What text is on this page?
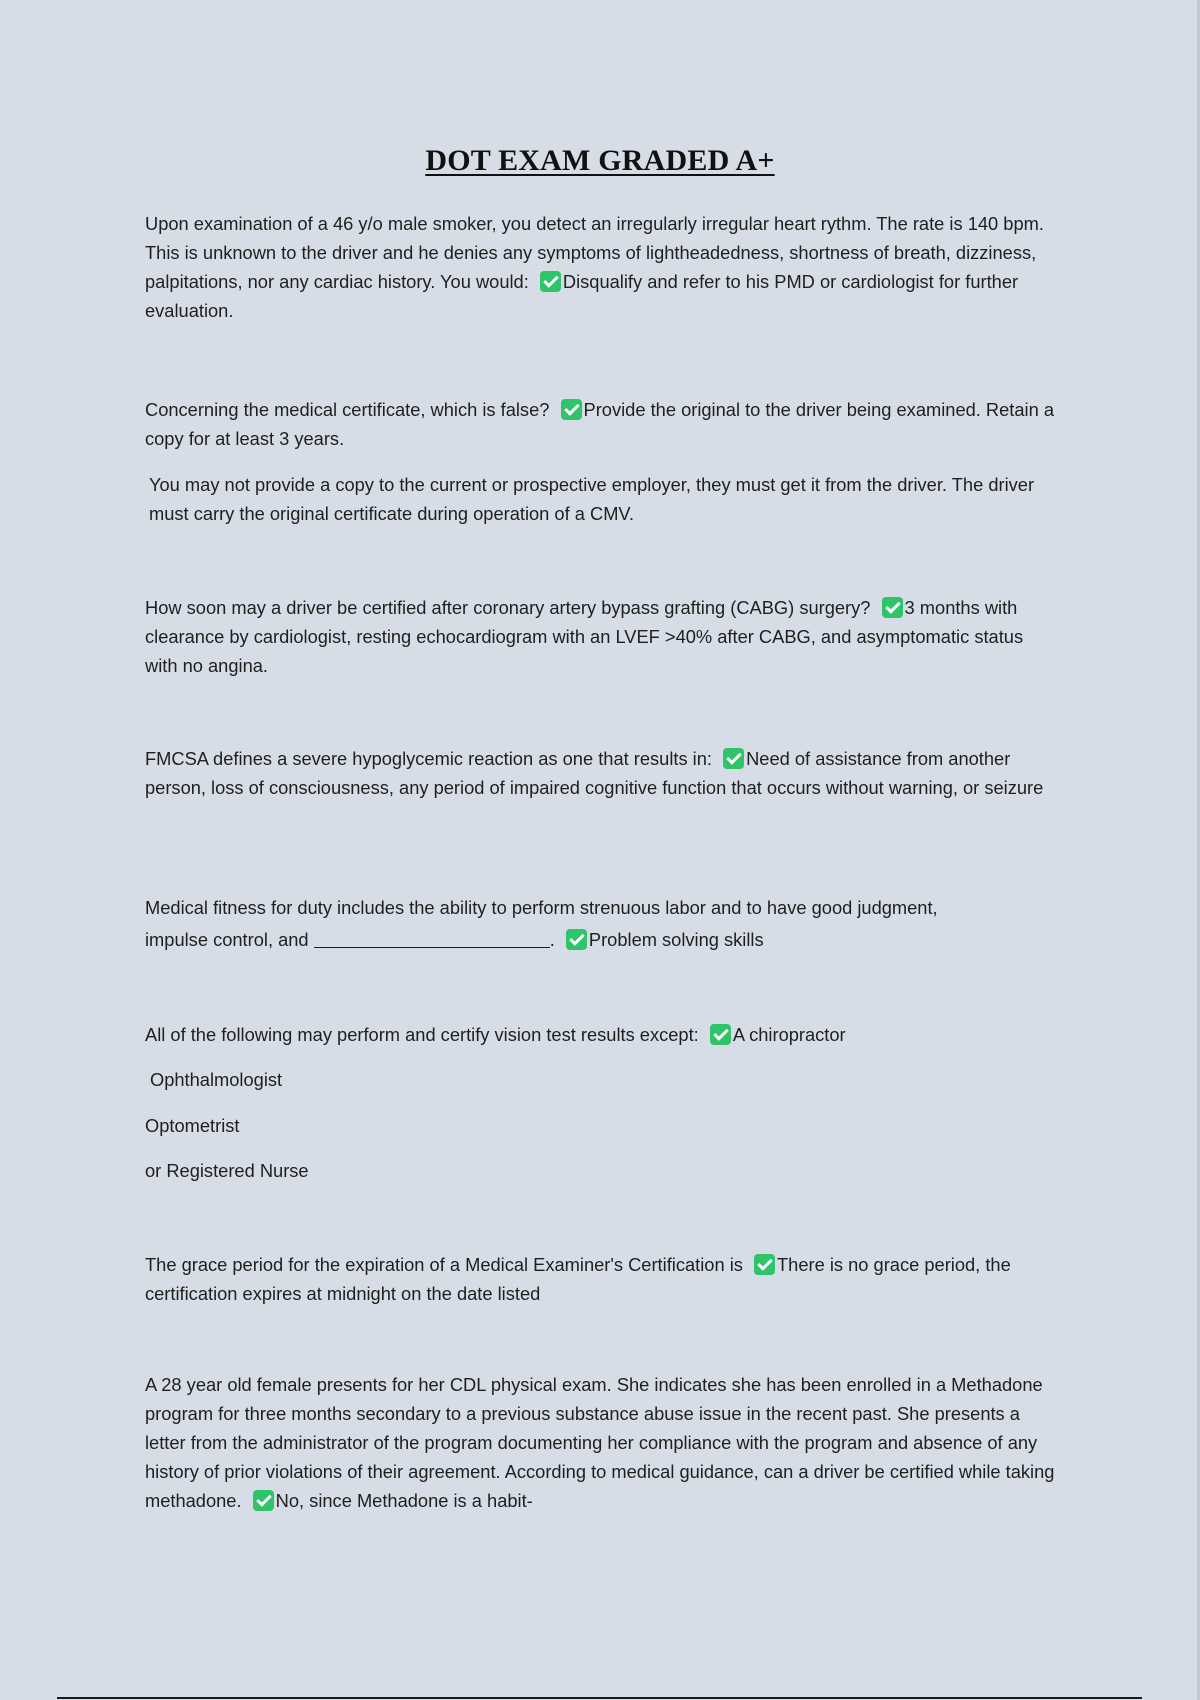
DOT EXAM GRADED A+

Upon examination of a 46 y/o male smoker, you detect an irregularly irregular heart rythm. The rate is 140 bpm. This is unknown to the driver and he denies any symptoms of lightheadedness, shortness of breath, dizziness, palpitations, nor any cardiac history. You would: Disqualify and refer to his PMD or cardiologist for further evaluation.

Concerning the medical certificate, which is false? Provide the original to the driver being examined. Retain a copy for at least 3 years.

You may not provide a copy to the current or prospective employer, they must get it from the driver. The driver must carry the original certificate during operation of a CMV.

How soon may a driver be certified after coronary artery bypass grafting (CABG) surgery? 3 months with clearance by cardiologist, resting echocardiogram with an LVEF >40% after CABG, and asymptomatic status with no angina.

FMCSA defines a severe hypoglycemic reaction as one that results in: Need of assistance from another person, loss of consciousness, any period of impaired cognitive function that occurs without warning, or seizure

Medical fitness for duty includes the ability to perform strenuous labor and to have good judgment,

impulse control, and	. Problem solving skills

All of the following may perform and certify vision test results except: A chiropractor

Ophthalmologist

Optometrist

or Registered Nurse

The grace period for the expiration of a Medical Examiner's Certification is There is no grace period, the certification expires at midnight on the date listed

A 28 year old female presents for her CDL physical exam. She indicates she has been enrolled in a Methadone program for three months secondary to a previous substance abuse issue in the recent past. She presents a letter from the administrator of the program documenting her compliance with the program and absence of any history of prior violations of their agreement. According to medical guidance, can a driver be certified while taking methadone. No, since Methadone is a habit-
